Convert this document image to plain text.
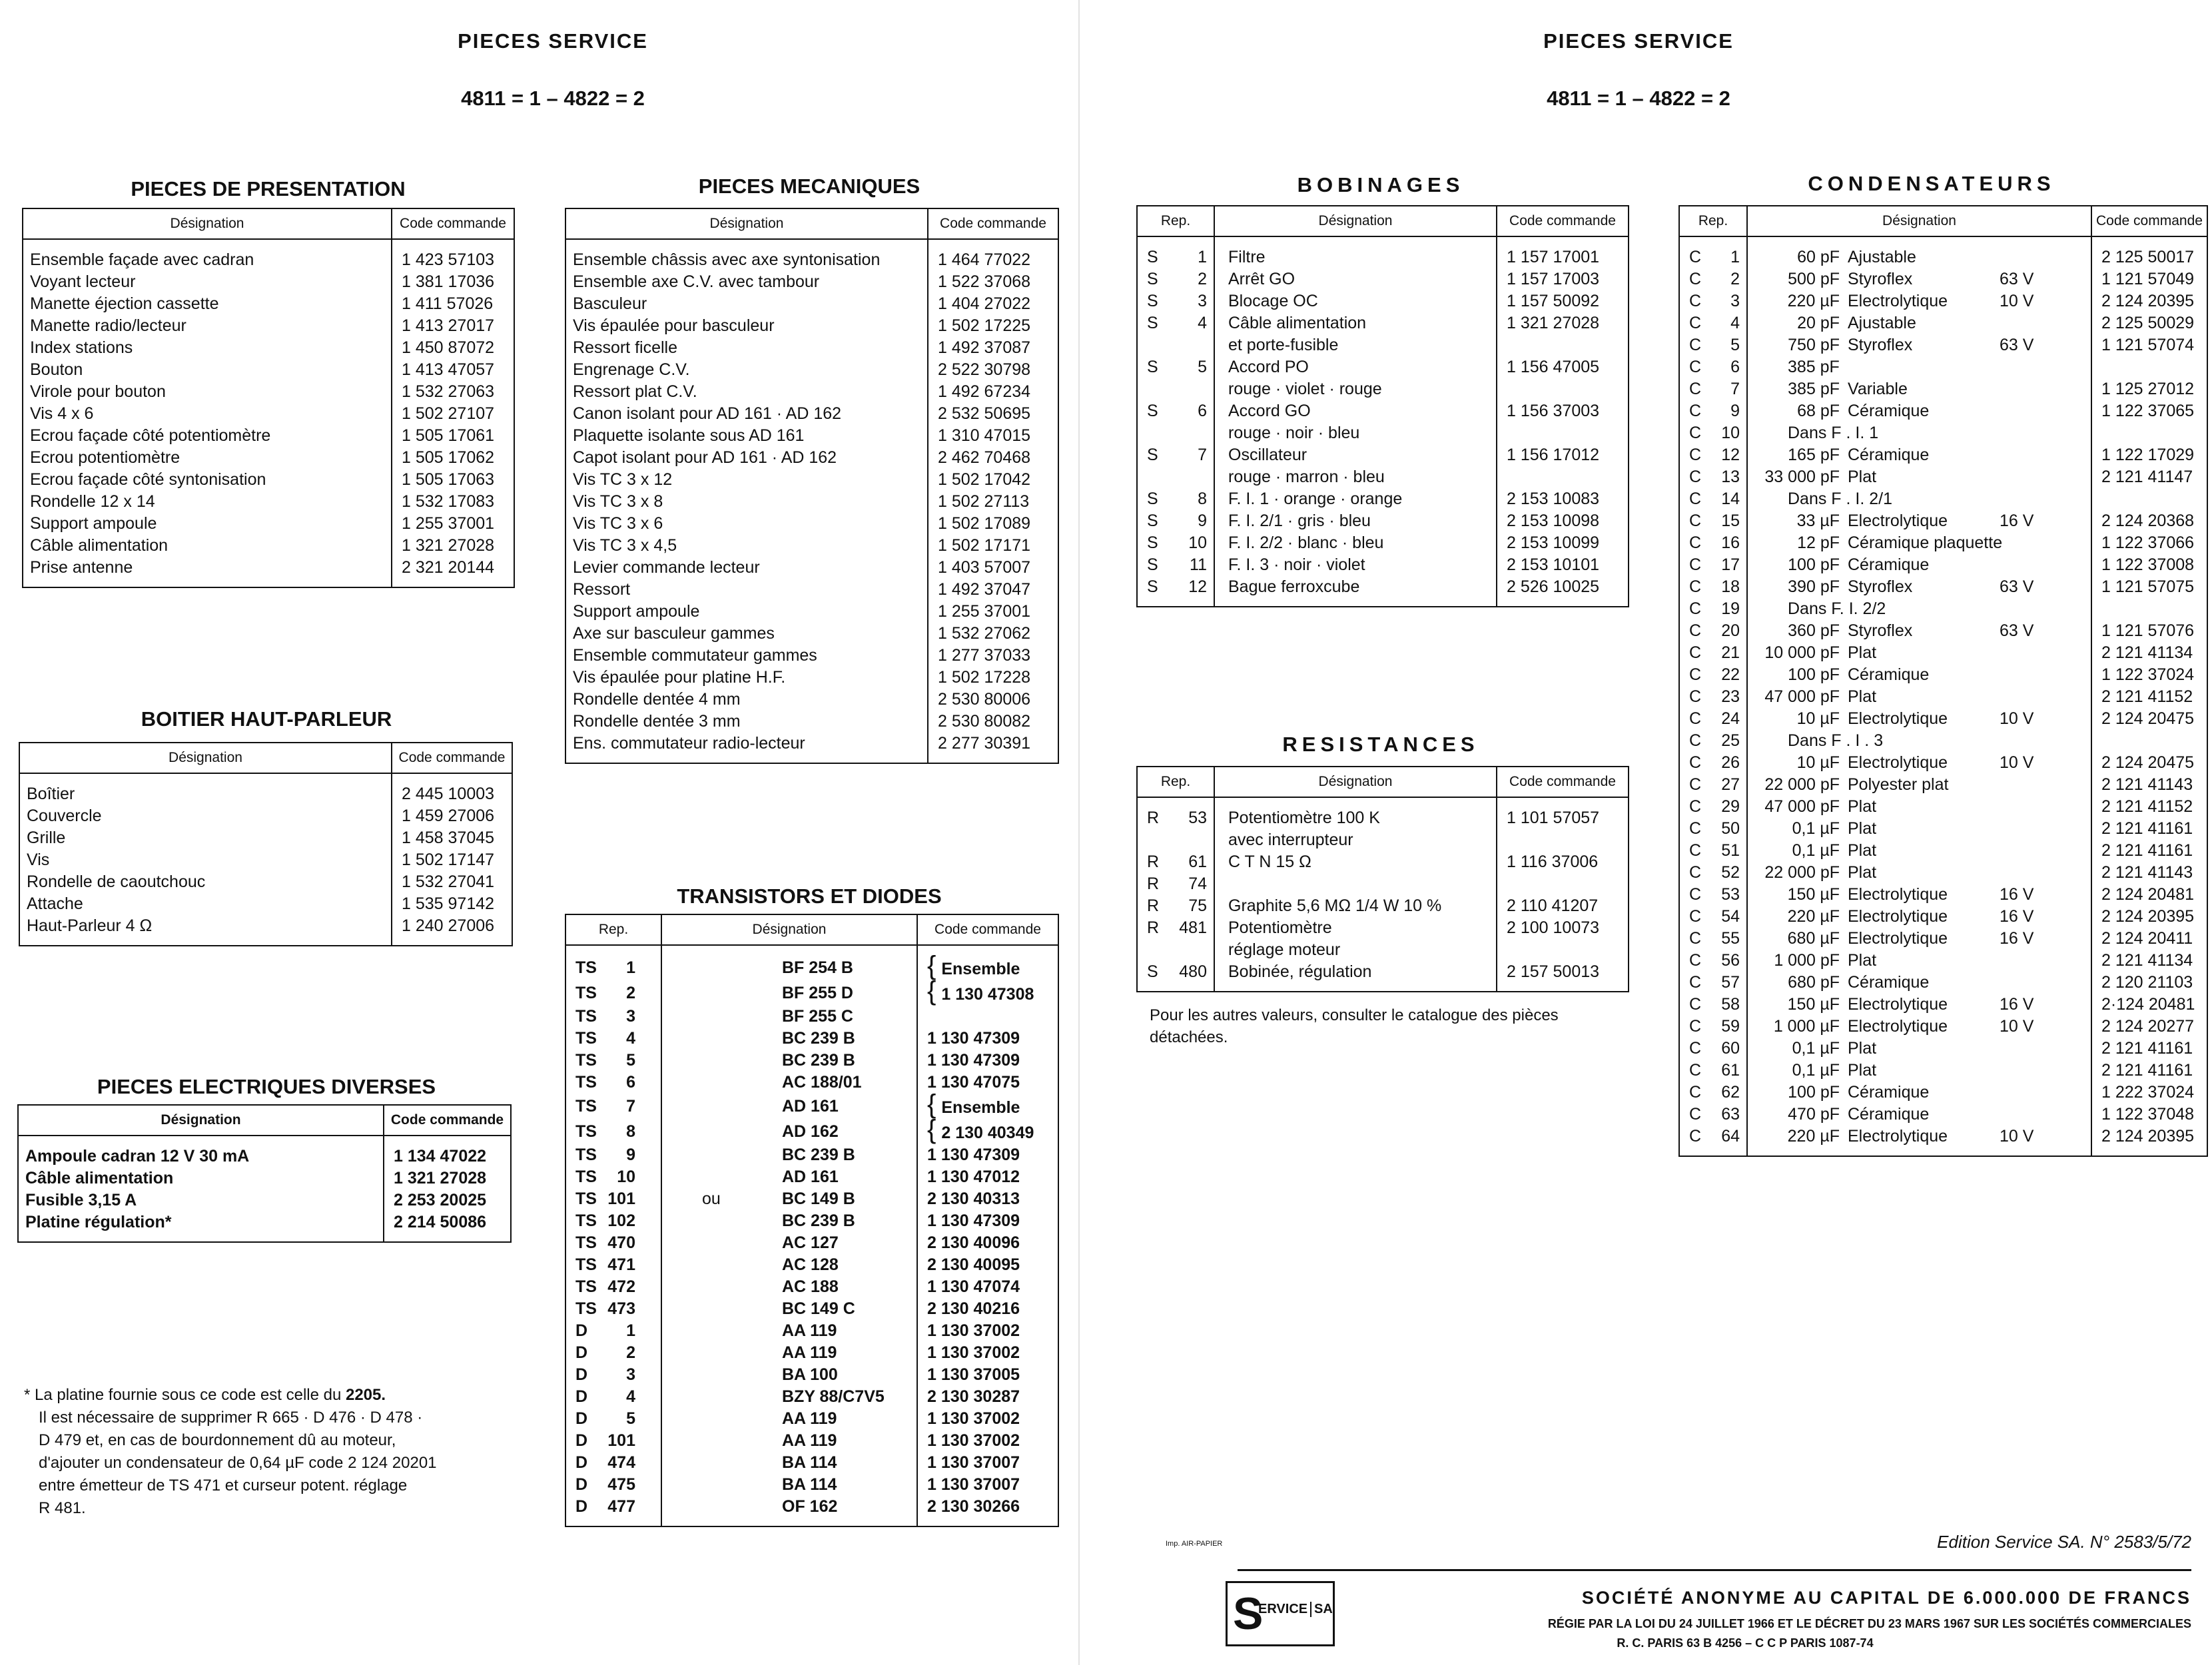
PIECES SERVICE
4811 = 1 – 4822 = 2
PIECES DE PRESENTATION
Désignation	Code commande
Ensemble façade avec cadran	1 423 57103
Voyant lecteur	1 381 17036
Manette éjection cassette	1 411 57026
Manette radio/lecteur	1 413 27017
Index stations	1 450 87072
Bouton	1 413 47057
Virole pour bouton	1 532 27063
Vis 4 x 6	1 502 27107
Ecrou façade côté potentiomètre	1 505 17061
Ecrou potentiomètre	1 505 17062
Ecrou façade côté syntonisation	1 505 17063
Rondelle 12 x 14	1 532 17083
Support ampoule	1 255 37001
Câble alimentation	1 321 27028
Prise antenne	2 321 20144
BOITIER HAUT-PARLEUR
Désignation	Code commande
Boîtier	2 445 10003
Couvercle	1 459 27006
Grille	1 458 37045
Vis	1 502 17147
Rondelle de caoutchouc	1 532 27041
Attache	1 535 97142
Haut-Parleur 4 Ω	1 240 27006
PIECES ELECTRIQUES DIVERSES
Désignation	Code commande
Ampoule cadran 12 V 30 mA	1 134 47022
Câble alimentation	1 321 27028
Fusible 3,15 A	2 253 20025
Platine régulation*	2 214 50086
PIECES MECANIQUES
Désignation	Code commande
Ensemble châssis avec axe syntonisation	1 464 77022
Ensemble axe C.V. avec tambour	1 522 37068
Basculeur	1 404 27022
Vis épaulée pour basculeur	1 502 17225
Ressort ficelle	1 492 37087
Engrenage C.V.	2 522 30798
Ressort plat C.V.	1 492 67234
Canon isolant pour AD 161 · AD 162	2 532 50695
Plaquette isolante sous AD 161	1 310 47015
Capot isolant pour AD 161 · AD 162	2 462 70468
Vis TC 3 x 12	1 502 17042
Vis TC 3 x 8	1 502 27113
Vis TC 3 x 6	1 502 17089
Vis TC 3 x 4,5	1 502 17171
Levier commande lecteur	1 403 57007
Ressort	1 492 37047
Support ampoule	1 255 37001
Axe sur basculeur gammes	1 532 27062
Ensemble commutateur gammes	1 277 37033
Vis épaulée pour platine H.F.	1 502 17228
Rondelle dentée 4 mm	2 530 80006
Rondelle dentée 3 mm	2 530 80082
Ens. commutateur radio-lecteur	2 277 30391
TRANSISTORS ET DIODES
Rep.	Désignation	Code commande
TS 1	BF 254 B	{ Ensemble
TS 2	BF 255 D	{ 1 130 47308
TS 3	BF 255 C	
TS 4	BC 239 B	1 130 47309
TS 5	BC 239 B	1 130 47309
TS 6	AC 188/01	1 130 47075
TS 7	AD 161	{ Ensemble
TS 8	AD 162	{ 2 130 40349
TS 9	BC 239 B	1 130 47309
TS 10	AD 161	1 130 47012
TS 101	ou BC 149 B	2 130 40313
TS 102	BC 239 B	1 130 47309
TS 470	AC 127	2 130 40096
TS 471	AC 128	2 130 40095
TS 472	AC 188	1 130 47074
TS 473	BC 149 C	2 130 40216
D 1	AA 119	1 130 37002
D 2	AA 119	1 130 37002
D 3	BA 100	1 130 37005
D 4	BZY 88/C7V5	2 130 30287
D 5	AA 119	1 130 37002
D 101	AA 119	1 130 37002
D 474	BA 114	1 130 37007
D 475	BA 114	1 130 37007
D 477	OF 162	2 130 30266
* La platine fournie sous ce code est celle du 2205.
Il est nécessaire de supprimer R 665 · D 476 · D 478 ·
D 479 et, en cas de bourdonnement dû au moteur,
d'ajouter un condensateur de 0,64 µF code 2 124 20201
entre émetteur de TS 471 et curseur potent. réglage
R 481.
PIECES SERVICE
4811 = 1 – 4822 = 2
BOBINAGES
Rep.	Désignation	Code commande
S 1	Filtre	1 157 17001
S 2	Arrêt GO	1 157 17003
S 3	Blocage OC	1 157 50092
S 4	Câble alimentation	1 321 27028
	et porte-fusible	
S 5	Accord PO	1 156 47005
	rouge · violet · rouge	
S 6	Accord GO	1 156 37003
	rouge · noir · bleu	
S 7	Oscillateur	1 156 17012
	rouge · marron · bleu	
S 8	F. I. 1 · orange · orange	2 153 10083
S 9	F. I. 2/1 · gris · bleu	2 153 10098
S 10	F. I. 2/2 · blanc · bleu	2 153 10099
S 11	F. I. 3 · noir · violet	2 153 10101
S 12	Bague ferroxcube	2 526 10025
RESISTANCES
Rep.	Désignation	Code commande
R 53	Potentiomètre 100 K	1 101 57057
	avec interrupteur	
R 61	C T N 15 Ω	1 116 37006
R 74		
R 75	Graphite 5,6 MΩ 1/4 W 10 %	2 110 41207
R 481	Potentiomètre	2 100 10073
	réglage moteur	
S 480	Bobinée, régulation	2 157 50013
Pour les autres valeurs, consulter le catalogue des pièces
détachées.
CONDENSATEURS
Rep.	Désignation	Code commande
C 1	60 pF Ajustable	2 125 50017
C 2	500 pF Styroflex 63 V	1 121 57049
C 3	220 µF Electrolytique 10 V	2 124 20395
C 4	20 pF Ajustable	2 125 50029
C 5	750 pF Styroflex 63 V	1 121 57074
C 6	385 pF	
C 7	385 pF Variable	1 125 27012
C 9	68 pF Céramique	1 122 37065
C 10	Dans F . I. 1	
C 12	165 pF Céramique	1 122 17029
C 13	33 000 pF Plat	2 121 41147
C 14	Dans F . I. 2/1	
C 15	33 µF Electrolytique 16 V	2 124 20368
C 16	12 pF Céramique plaquette	1 122 37066
C 17	100 pF Céramique	1 122 37008
C 18	390 pF Styroflex 63 V	1 121 57075
C 19	Dans F. I. 2/2	
C 20	360 pF Styroflex 63 V	1 121 57076
C 21	10 000 pF Plat	2 121 41134
C 22	100 pF Céramique	1 122 37024
C 23	47 000 pF Plat	2 121 41152
C 24	10 µF Electrolytique 10 V	2 124 20475
C 25	Dans F . I . 3	
C 26	10 µF Electrolytique 10 V	2 124 20475
C 27	22 000 pF Polyester plat	2 121 41143
C 29	47 000 pF Plat	2 121 41152
C 50	0,1 µF Plat	2 121 41161
C 51	0,1 µF Plat	2 121 41161
C 52	22 000 pF Plat	2 121 41143
C 53	150 µF Electrolytique 16 V	2 124 20481
C 54	220 µF Electrolytique 16 V	2 124 20395
C 55	680 µF Electrolytique 16 V	2 124 20411
C 56	1 000 pF Plat	2 121 41134
C 57	680 pF Céramique	2 120 21103
C 58	150 µF Electrolytique 16 V	2·124 20481
C 59	1 000 µF Electrolytique 10 V	2 124 20277
C 60	0,1 µF Plat	2 121 41161
C 61	0,1 µF Plat	2 121 41161
C 62	100 pF Céramique	1 222 37024
C 63	470 pF Céramique	1 122 37048
C 64	220 µF Electrolytique 10 V	2 124 20395
Imp. AIR-PAPIER	Edition Service SA. N° 2583/5/72
S
ERVICE SA
SOCIÉTÉ ANONYME AU CAPITAL DE 6.000.000 DE FRANCS
RÉGIE PAR LA LOI DU 24 JUILLET 1966 ET LE DÉCRET DU 23 MARS 1967 SUR LES SOCIÉTÉS COMMERCIALES
R. C. PARIS 63 B 4256 – C C P PARIS 1087-74
